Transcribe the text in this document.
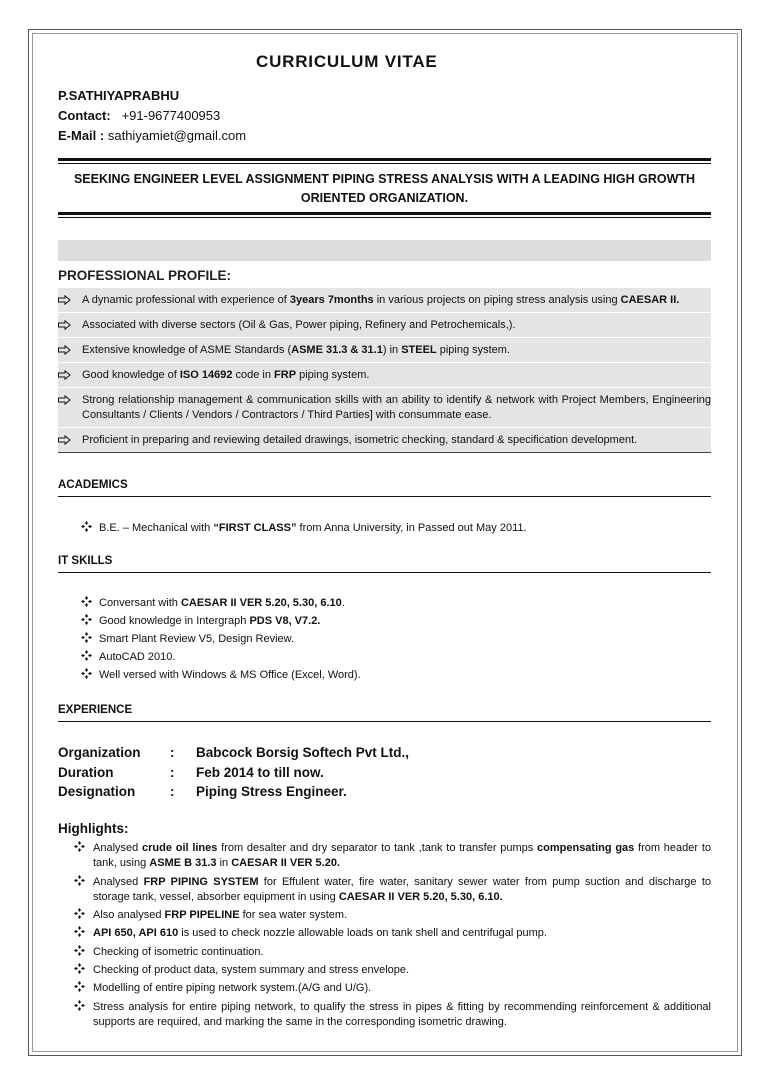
CURRICULUM VITAE
P.SATHIYAPRABHU
Contact: +91-9677400953
E-Mail : sathiyamiet@gmail.com
SEEKING ENGINEER LEVEL ASSIGNMENT PIPING STRESS ANALYSIS WITH A LEADING HIGH GROWTH ORIENTED ORGANIZATION.
PROFESSIONAL PROFILE:
A dynamic professional with experience of 3years 7months in various projects on piping stress analysis using CAESAR II.
Associated with diverse sectors (Oil & Gas, Power piping, Refinery and Petrochemicals,).
Extensive knowledge of ASME Standards (ASME 31.3 & 31.1) in STEEL piping system.
Good knowledge of ISO 14692 code in FRP piping system.
Strong relationship management & communication skills with an ability to identify & network with Project Members, Engineering Consultants / Clients / Vendors / Contractors / Third Parties] with consummate ease.
Proficient in preparing and reviewing detailed drawings, isometric checking, standard & specification development.
ACADEMICS
B.E. – Mechanical with “FIRST CLASS” from Anna University, in Passed out May 2011.
IT SKILLS
Conversant with CAESAR II VER 5.20, 5.30, 6.10.
Good knowledge in Intergraph PDS V8, V7.2.
Smart Plant Review V5, Design Review.
AutoCAD 2010.
Well versed with Windows & MS Office (Excel, Word).
EXPERIENCE
Organization	:	Babcock Borsig Softech Pvt Ltd.,
Duration	:	Feb 2014 to till now.
Designation	:	Piping Stress Engineer.
Highlights:
Analysed crude oil lines from desalter and dry separator to tank ,tank to transfer pumps compensating gas from header to tank, using ASME B 31.3 in CAESAR II VER 5.20.
Analysed FRP PIPING SYSTEM for Effulent water, fire water, sanitary sewer water from pump suction and discharge to storage tank, vessel, absorber equipment in using CAESAR II VER 5.20, 5.30, 6.10.
Also analysed FRP PIPELINE for sea water system.
API 650, API 610 is used to check nozzle allowable loads on tank shell and centrifugal pump.
Checking of isometric continuation.
Checking of product data, system summary and stress envelope.
Modelling of entire piping network system.(A/G and U/G).
Stress analysis for entire piping network, to qualify the stress in pipes & fitting by recommending reinforcement & additional supports are required, and marking the same in the corresponding isometric drawing.
